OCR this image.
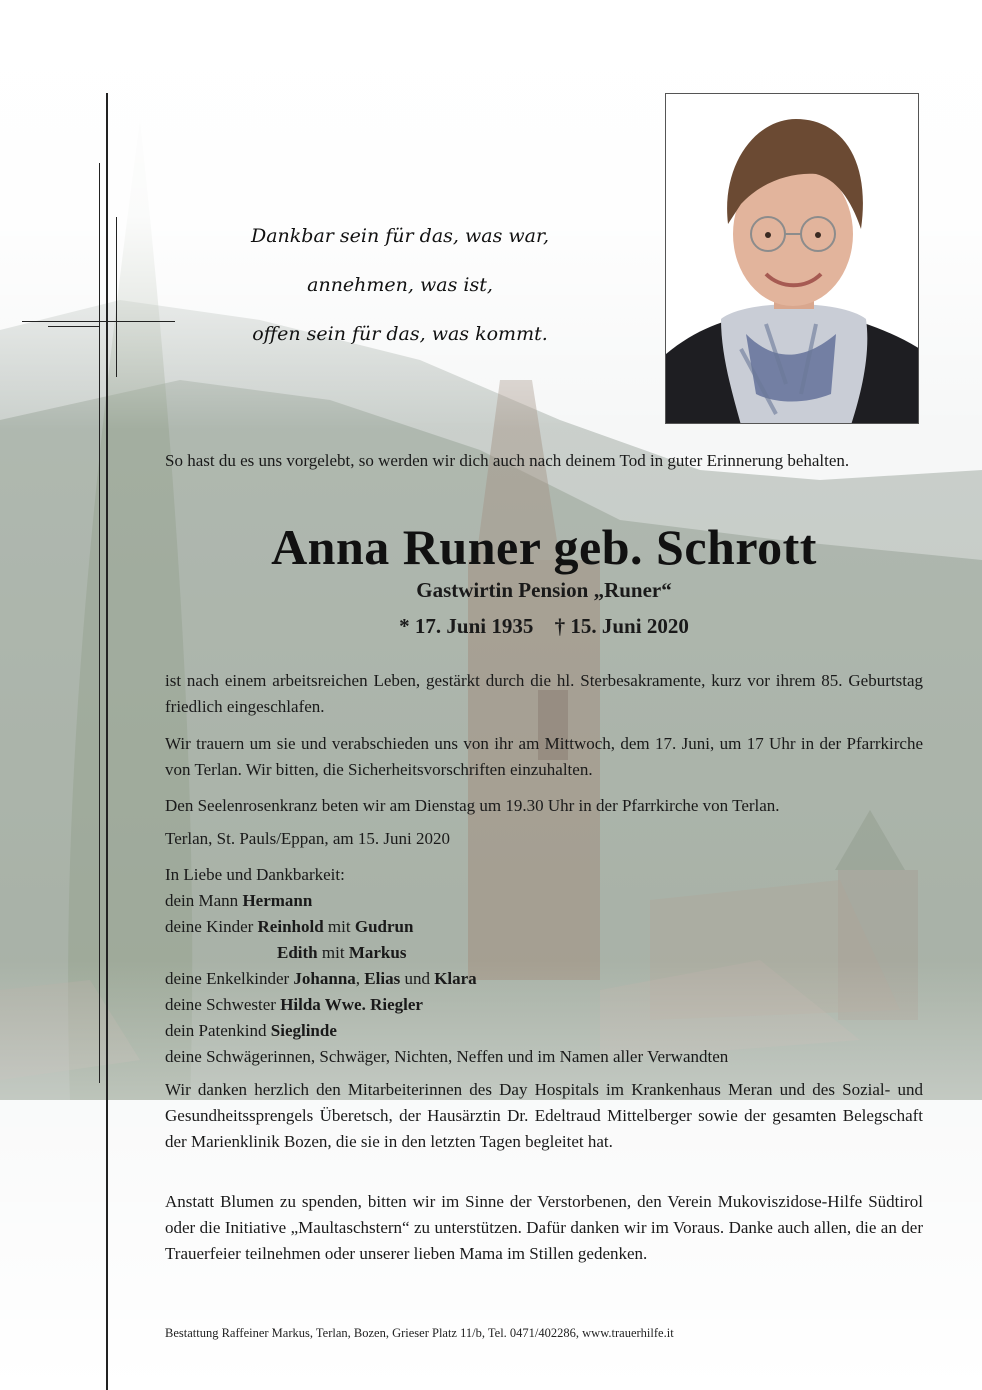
Dankbar sein für das, was war,
annehmen, was ist,
offen sein für das, was kommt.
So hast du es uns vorgelebt, so werden wir dich auch nach deinem Tod in guter Erinnerung behalten.
Anna Runer geb. Schrott
Gastwirtin Pension „Runer“
* 17. Juni 1935 † 15. Juni 2020
ist nach einem arbeitsreichen Leben, gestärkt durch die hl. Sterbesakramente, kurz vor ihrem 85. Geburtstag friedlich eingeschlafen.
Wir trauern um sie und verabschieden uns von ihr am Mittwoch, dem 17. Juni, um 17 Uhr in der Pfarrkirche von Terlan. Wir bitten, die Sicherheitsvorschriften einzuhalten.
Den Seelenrosenkranz beten wir am Dienstag um 19.30 Uhr in der Pfarrkirche von Terlan.
Terlan, St. Pauls/Eppan, am 15. Juni 2020
In Liebe und Dankbarkeit:
dein Mann Hermann
deine Kinder Reinhold mit Gudrun
Edith mit Markus
deine Enkelkinder Johanna, Elias und Klara
deine Schwester Hilda Wwe. Riegler
dein Patenkind Sieglinde
deine Schwägerinnen, Schwäger, Nichten, Neffen und im Namen aller Verwandten
Wir danken herzlich den Mitarbeiterinnen des Day Hospitals im Krankenhaus Meran und des Sozial- und Gesundheitssprengels Überetsch, der Hausärztin Dr. Edeltraud Mittelberger sowie der gesamten Belegschaft der Marienklinik Bozen, die sie in den letzten Tagen begleitet hat.
Anstatt Blumen zu spenden, bitten wir im Sinne der Verstorbenen, den Verein Mukoviszidose-Hilfe Südtirol oder die Initiative „Maultaschstern“ zu unterstützen. Dafür danken wir im Voraus. Danke auch allen, die an der Trauerfeier teilnehmen oder unserer lieben Mama im Stillen gedenken.
Bestattung Raffeiner Markus, Terlan, Bozen, Grieser Platz 11/b, Tel. 0471/402286, www.trauerhilfe.it
